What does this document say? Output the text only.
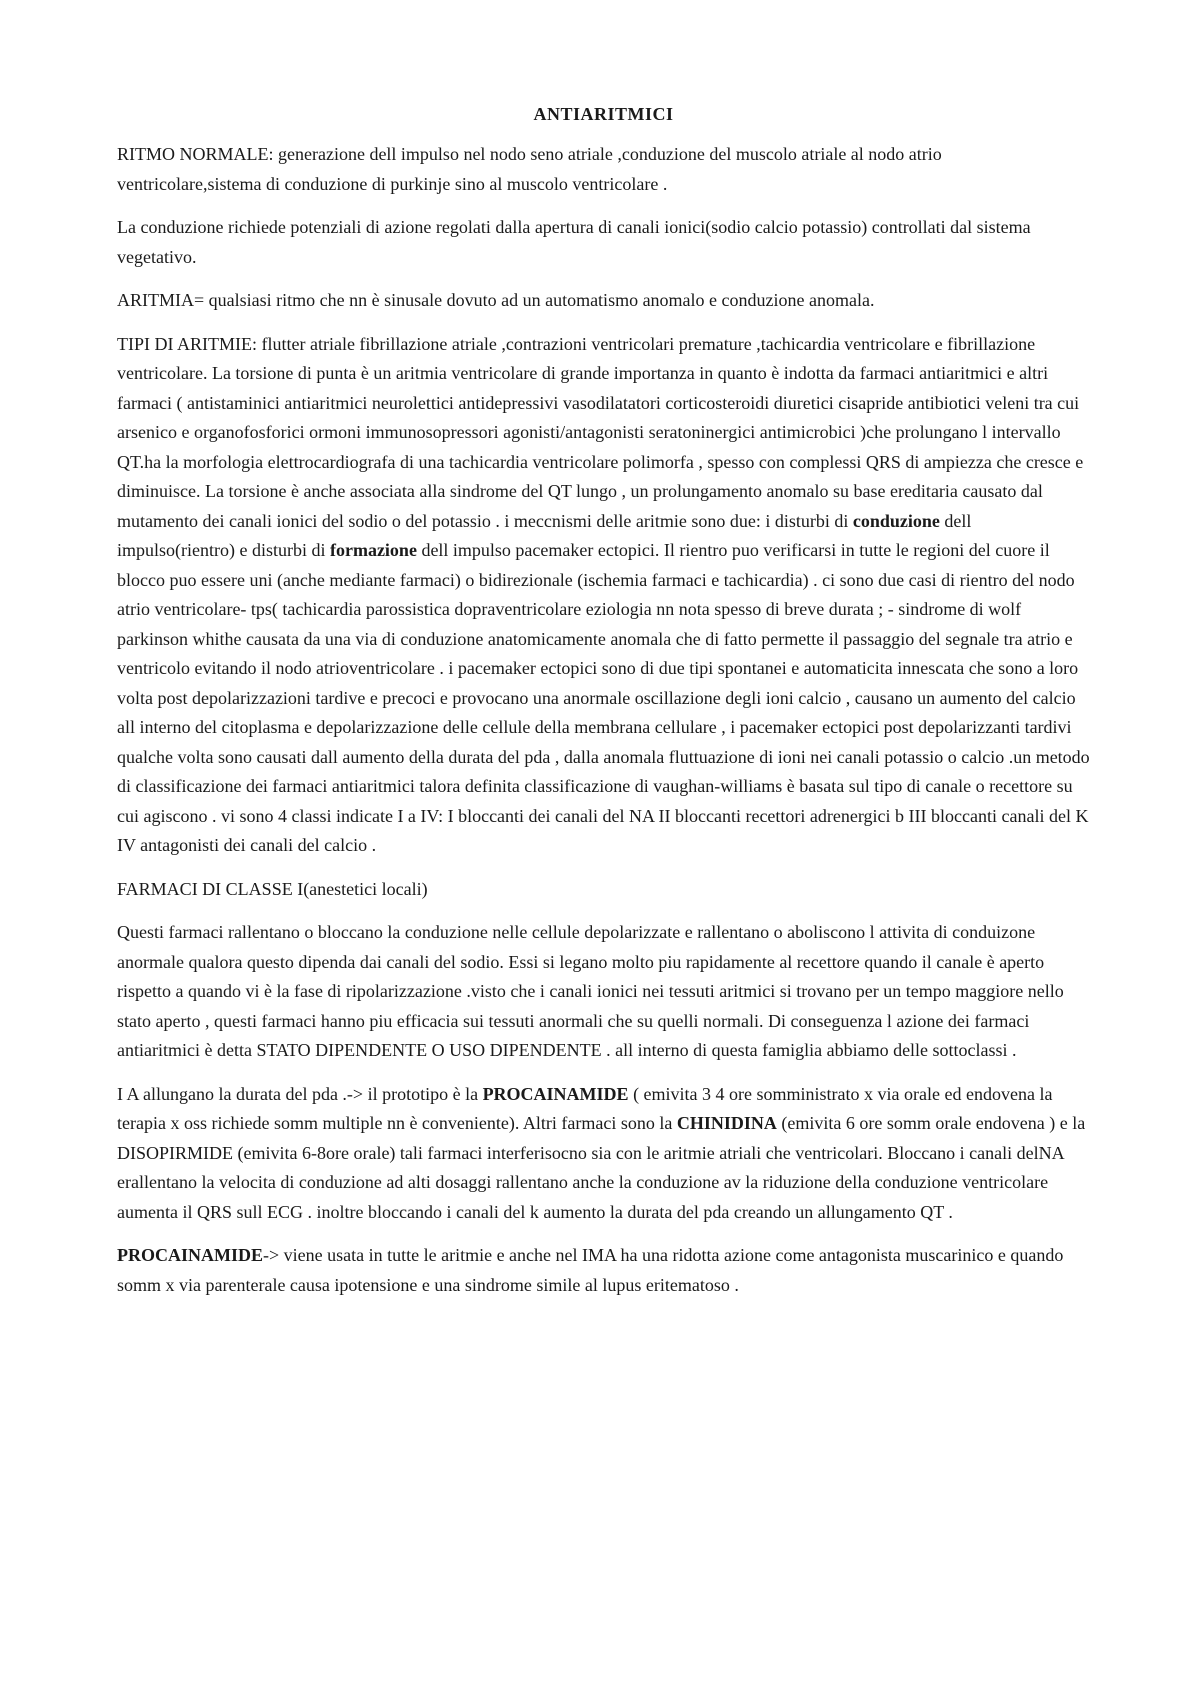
ANTIARITMICI

RITMO NORMALE: generazione dell impulso nel nodo seno atriale ,conduzione del muscolo atriale al nodo atrio ventricolare,sistema di conduzione di purkinje sino al muscolo ventricolare .

La conduzione richiede potenziali di azione regolati dalla apertura di canali ionici(sodio calcio potassio) controllati dal sistema vegetativo.

ARITMIA= qualsiasi ritmo che nn è sinusale dovuto ad un automatismo anomalo e conduzione anomala.

TIPI DI ARITMIE: flutter atriale fibrillazione atriale ,contrazioni ventricolari premature ,tachicardia ventricolare e fibrillazione ventricolare. La torsione di punta è un aritmia ventricolare di grande importanza in quanto è indotta da farmaci antiaritmici e altri farmaci ( antistaminici antiaritmici neurolettici antidepressivi vasodilatatori corticosteroidi diuretici cisapride antibiotici veleni tra cui arsenico e organofosforici ormoni immunosopressori agonisti/antagonisti seratoninergici antimicrobici )che prolungano l intervallo QT.ha la morfologia elettrocardiografa di una tachicardia ventricolare polimorfa , spesso con complessi QRS di ampiezza che cresce e diminuisce. La torsione è anche associata alla sindrome del QT lungo , un prolungamento anomalo su base ereditaria causato dal mutamento dei canali ionici del sodio o del potassio . i meccnismi delle aritmie sono due: i disturbi di conduzione dell impulso(rientro) e disturbi di formazione dell impulso pacemaker ectopici. Il rientro puo verificarsi in tutte le regioni del cuore il blocco puo essere uni (anche mediante farmaci) o bidirezionale (ischemia farmaci e tachicardia) . ci sono due casi di rientro del nodo atrio ventricolare- tps( tachicardia parossistica dopraventricolare eziologia nn nota spesso di breve durata ; - sindrome di wolf parkinson whithe causata da una via di conduzione anatomicamente anomala che di fatto permette il passaggio del segnale tra atrio e ventricolo evitando il nodo atrioventricolare . i pacemaker ectopici sono di due tipi spontanei e automaticita innescata che sono a loro volta post depolarizzazioni tardive e precoci e provocano una anormale oscillazione degli ioni calcio , causano un aumento del calcio all interno del citoplasma e depolarizzazione delle cellule della membrana cellulare , i pacemaker ectopici post depolarizzanti tardivi qualche volta sono causati dall aumento della durata del pda , dalla anomala fluttuazione di ioni nei canali potassio o calcio .un metodo di classificazione dei farmaci antiaritmici talora definita classificazione di vaughan-williams è basata sul tipo di canale o recettore su cui agiscono . vi sono 4 classi indicate I a IV: I bloccanti dei canali del NA II bloccanti recettori adrenergici b III bloccanti canali del K IV antagonisti dei canali del calcio .

FARMACI DI CLASSE I(anestetici locali)

Questi farmaci rallentano o bloccano la conduzione nelle cellule depolarizzate e rallentano o aboliscono l attivita di conduizone anormale qualora questo dipenda dai canali del sodio. Essi si legano molto piu rapidamente al recettore quando il canale è aperto rispetto a quando vi è la fase di ripolarizzazione .visto che i canali ionici nei tessuti aritmici si trovano per un tempo maggiore nello stato aperto , questi farmaci hanno piu efficacia sui tessuti anormali che su quelli normali. Di conseguenza l azione dei farmaci antiaritmici è detta STATO DIPENDENTE O USO DIPENDENTE . all interno di questa famiglia abbiamo delle sottoclassi .

I A allungano la durata del pda .-> il prototipo è la PROCAINAMIDE ( emivita 3 4 ore somministrato x via orale ed endovena la terapia x oss richiede somm multiple nn è conveniente). Altri farmaci sono la CHINIDINA (emivita 6 ore somm orale endovena ) e la DISOPIRMIDE (emivita 6-8ore orale) tali farmaci interferisocno sia con le aritmie atriali che ventricolari. Bloccano i canali delNA erallentano la velocita di conduzione ad alti dosaggi rallentano anche la conduzione av la riduzione della conduzione ventricolare aumenta il QRS sull ECG . inoltre bloccando i canali del k aumento la durata del pda creando un allungamento QT .

PROCAINAMIDE-> viene usata in tutte le aritmie e anche nel IMA ha una ridotta azione come antagonista muscarinico e quando somm x via parenterale causa ipotensione e una sindrome simile al lupus eritematoso .
